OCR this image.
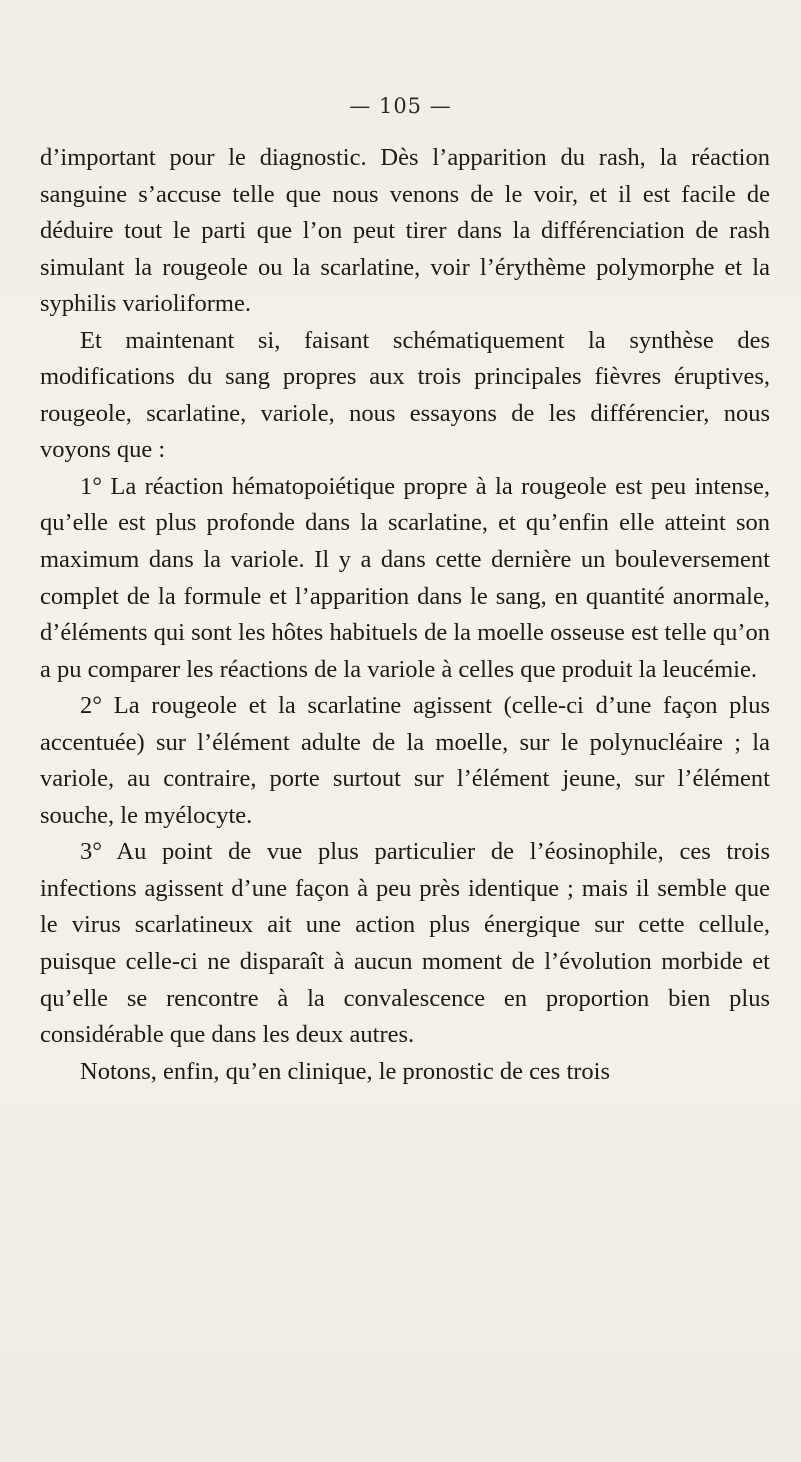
— 105 —

d’important pour le diagnostic. Dès l’apparition du rash, la réaction sanguine s’accuse telle que nous venons de le voir, et il est facile de déduire tout le parti que l’on peut tirer dans la différenciation de rash simulant la rougeole ou la scarlatine, voir l’érythème polymorphe et la syphilis varioliforme.

Et maintenant si, faisant schématiquement la synthèse des modifications du sang propres aux trois principales fièvres éruptives, rougeole, scarlatine, variole, nous essayons de les différencier, nous voyons que :

1° La réaction hématopoiétique propre à la rougeole est peu intense, qu’elle est plus profonde dans la scarlatine, et qu’enfin elle atteint son maximum dans la variole. Il y a dans cette dernière un bouleversement complet de la formule et l’apparition dans le sang, en quantité anormale, d’éléments qui sont les hôtes habituels de la moelle osseuse est telle qu’on a pu comparer les réactions de la variole à celles que produit la leucémie.

2° La rougeole et la scarlatine agissent (celle-ci d’une façon plus accentuée) sur l’élément adulte de la moelle, sur le polynucléaire ; la variole, au contraire, porte surtout sur l’élément jeune, sur l’élément souche, le myélocyte.

3° Au point de vue plus particulier de l’éosinophile, ces trois infections agissent d’une façon à peu près identique ; mais il semble que le virus scarlatineux ait une action plus énergique sur cette cellule, puisque celle-ci ne disparaît à aucun moment de l’évolution morbide et qu’elle se rencontre à la convalescence en proportion bien plus considérable que dans les deux autres.

Notons, enfin, qu’en clinique, le pronostic de ces trois
